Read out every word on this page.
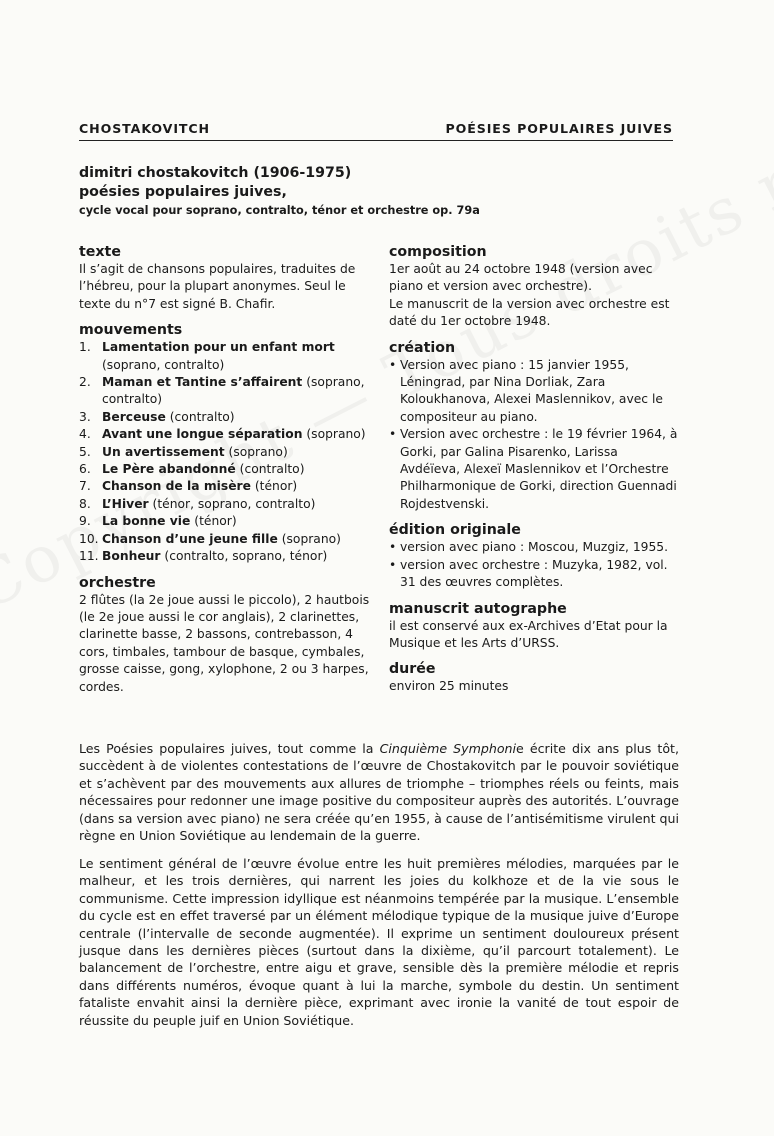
CHOSTAKOVITCH	POÉSIES POPULAIRES JUIVES
dimitri chostakovitch (1906-1975)
poésies populaires juives,
cycle vocal pour soprano, contralto, ténor et orchestre op. 79a
texte
Il s’agit de chansons populaires, traduites de l’hébreu, pour la plupart anonymes. Seul le texte du n°7 est signé B. Chafir.
mouvements
1. Lamentation pour un enfant mort (soprano, contralto)
2. Maman et Tantine s’affairent (soprano, contralto)
3. Berceuse (contralto)
4. Avant une longue séparation (soprano)
5. Un avertissement (soprano)
6. Le Père abandonné (contralto)
7. Chanson de la misère (ténor)
8. L’Hiver (ténor, soprano, contralto)
9. La bonne vie (ténor)
10. Chanson d’une jeune fille (soprano)
11. Bonheur (contralto, soprano, ténor)
orchestre
2 flûtes (la 2e joue aussi le piccolo), 2 hautbois (le 2e joue aussi le cor anglais), 2 clarinettes, clarinette basse, 2 bassons, contrebasson, 4 cors, timbales, tambour de basque, cymbales, grosse caisse, gong, xylophone, 2 ou 3 harpes, cordes.
composition
1er août au 24 octobre 1948 (version avec piano et version avec orchestre).
Le manuscrit de la version avec orchestre est daté du 1er octobre 1948.
création
• Version avec piano : 15 janvier 1955, Léningrad, par Nina Dorliak, Zara Koloukhanova, Alexei Maslennikov, avec le compositeur au piano.
• Version avec orchestre : le 19 février 1964, à Gorki, par Galina Pisarenko, Larissa Avdéïeva, Alexeï Maslennikov et l’Orchestre Philharmonique de Gorki, direction Guennadi Rojdestvenski.
édition originale
• version avec piano : Moscou, Muzgiz, 1955.
• version avec orchestre : Muzyka, 1982, vol. 31 des œuvres complètes.
manuscrit autographe
il est conservé aux ex-Archives d’Etat pour la Musique et les Arts d’URSS.
durée
environ 25 minutes
Les Poésies populaires juives, tout comme la Cinquième Symphonie écrite dix ans plus tôt, succèdent à de violentes contestations de l’œuvre de Chostakovitch par le pouvoir soviétique et s’achèvent par des mouvements aux allures de triomphe – triomphes réels ou feints, mais nécessaires pour redonner une image positive du compositeur auprès des autorités. L’ouvrage (dans sa version avec piano) ne sera créée qu’en 1955, à cause de l’antisémitisme virulent qui règne en Union Soviétique au lendemain de la guerre.
Le sentiment général de l’œuvre évolue entre les huit premières mélodies, marquées par le malheur, et les trois dernières, qui narrent les joies du kolkhoze et de la vie sous le communisme. Cette impression idyllique est néanmoins tempérée par la musique. L’ensemble du cycle est en effet traversé par un élément mélodique typique de la musique juive d’Europe centrale (l’intervalle de seconde augmentée). Il exprime un sentiment douloureux présent jusque dans les dernières pièces (surtout dans la dixième, qu’il parcourt totalement). Le balancement de l’orchestre, entre aigu et grave, sensible dès la première mélodie et repris dans différents numéros, évoque quant à lui la marche, symbole du destin. Un sentiment fataliste envahit ainsi la dernière pièce, exprimant avec ironie la vanité de tout espoir de réussite du peuple juif en Union Soviétique.
